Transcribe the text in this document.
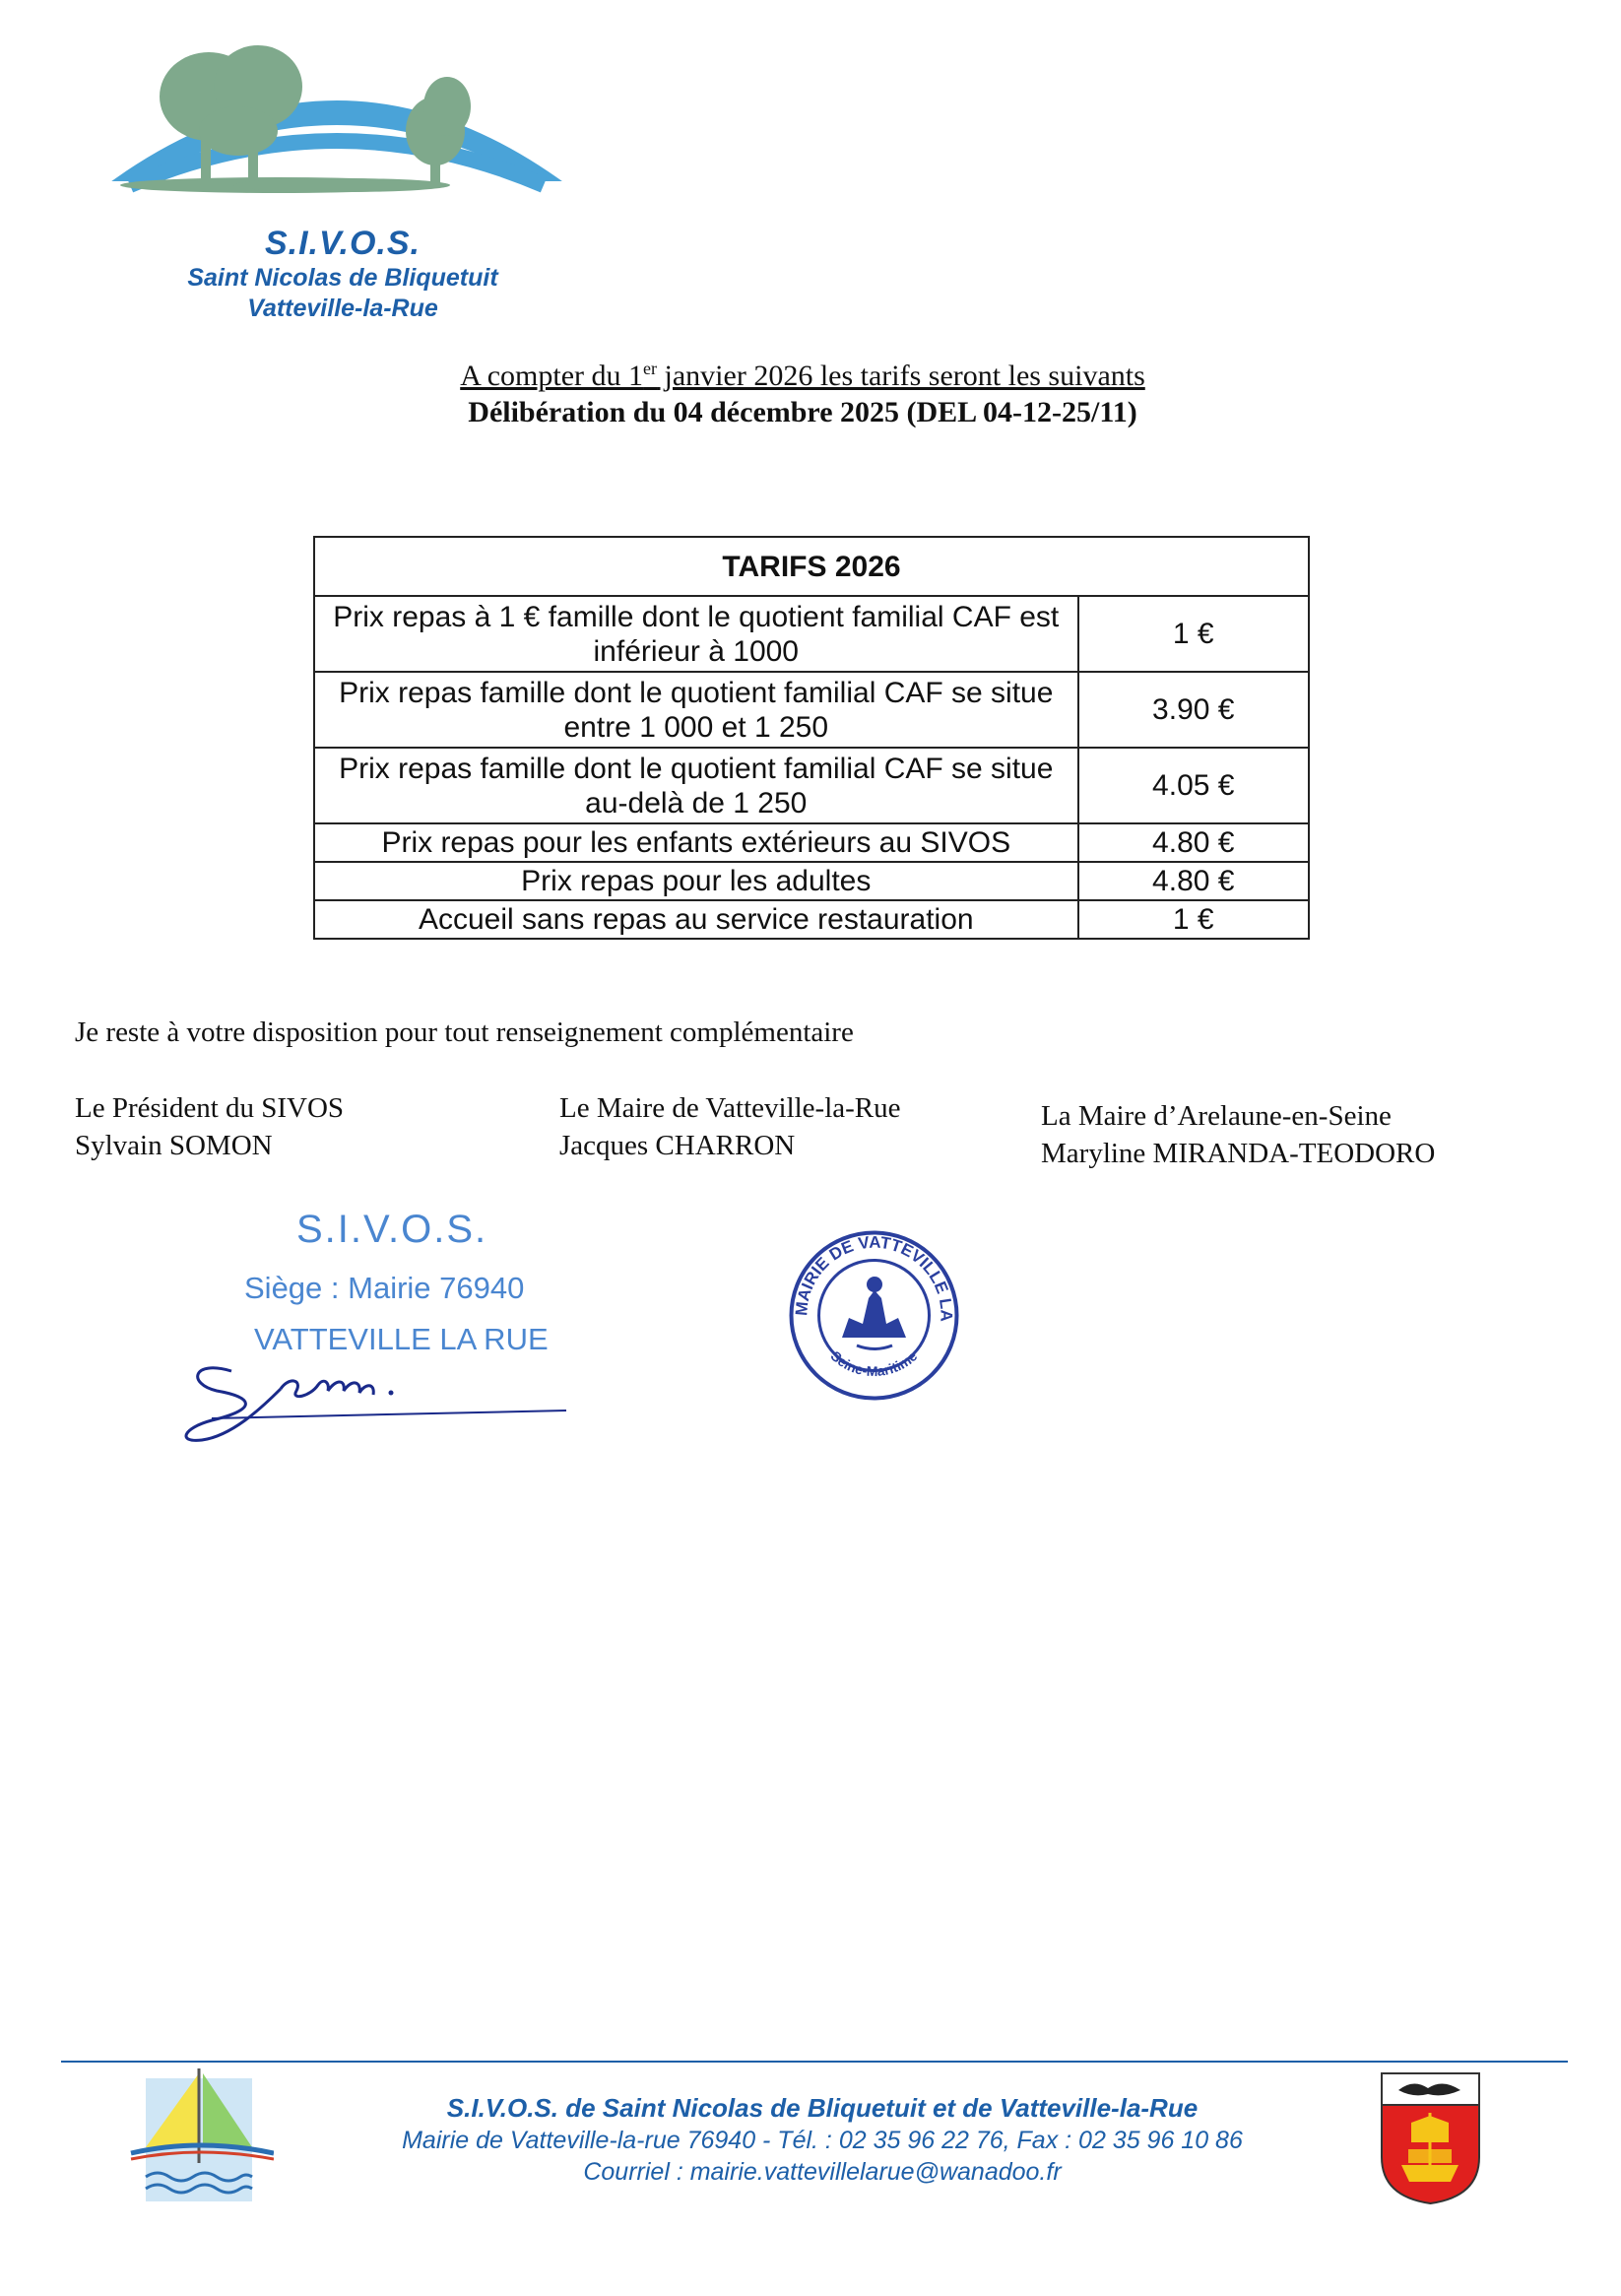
S.I.V.O.S.
Saint Nicolas de Bliquetuit
Vatteville-la-Rue
A compter du 1er janvier 2026 les tarifs seront les suivants
Délibération du 04 décembre 2025 (DEL 04-12-25/11)
TARIFS 2026	
Prix repas à 1 € famille dont le quotient familial CAF est inférieur à 1000	1 €
Prix repas famille dont le quotient familial CAF se situe entre 1 000 et 1 250	3.90 €
Prix repas famille dont le quotient familial CAF se situe au-delà de 1 250	4.05 €
Prix repas pour les enfants extérieurs au SIVOS	4.80 €
Prix repas pour les adultes	4.80 €
Accueil sans repas au service restauration	1 €
Je reste à votre disposition pour tout renseignement complémentaire
Le Président du SIVOS
Sylvain SOMON
Le Maire de Vatteville-la-Rue
Jacques CHARRON
La Maire d’Arelaune-en-Seine
Maryline MIRANDA-TEODORO
S.I.V.O.S.
Siège : Mairie 76940
VATTEVILLE LA RUE
MAIRIE DE VATTEVILLE LA
Seine-Maritime
S.I.V.O.S. de Saint Nicolas de Bliquetuit et de Vatteville-la-Rue
Mairie de Vatteville-la-rue 76940 - Tél. : 02 35 96 22 76, Fax : 02 35 96 10 86
Courriel : mairie.vattevillelarue@wanadoo.fr
